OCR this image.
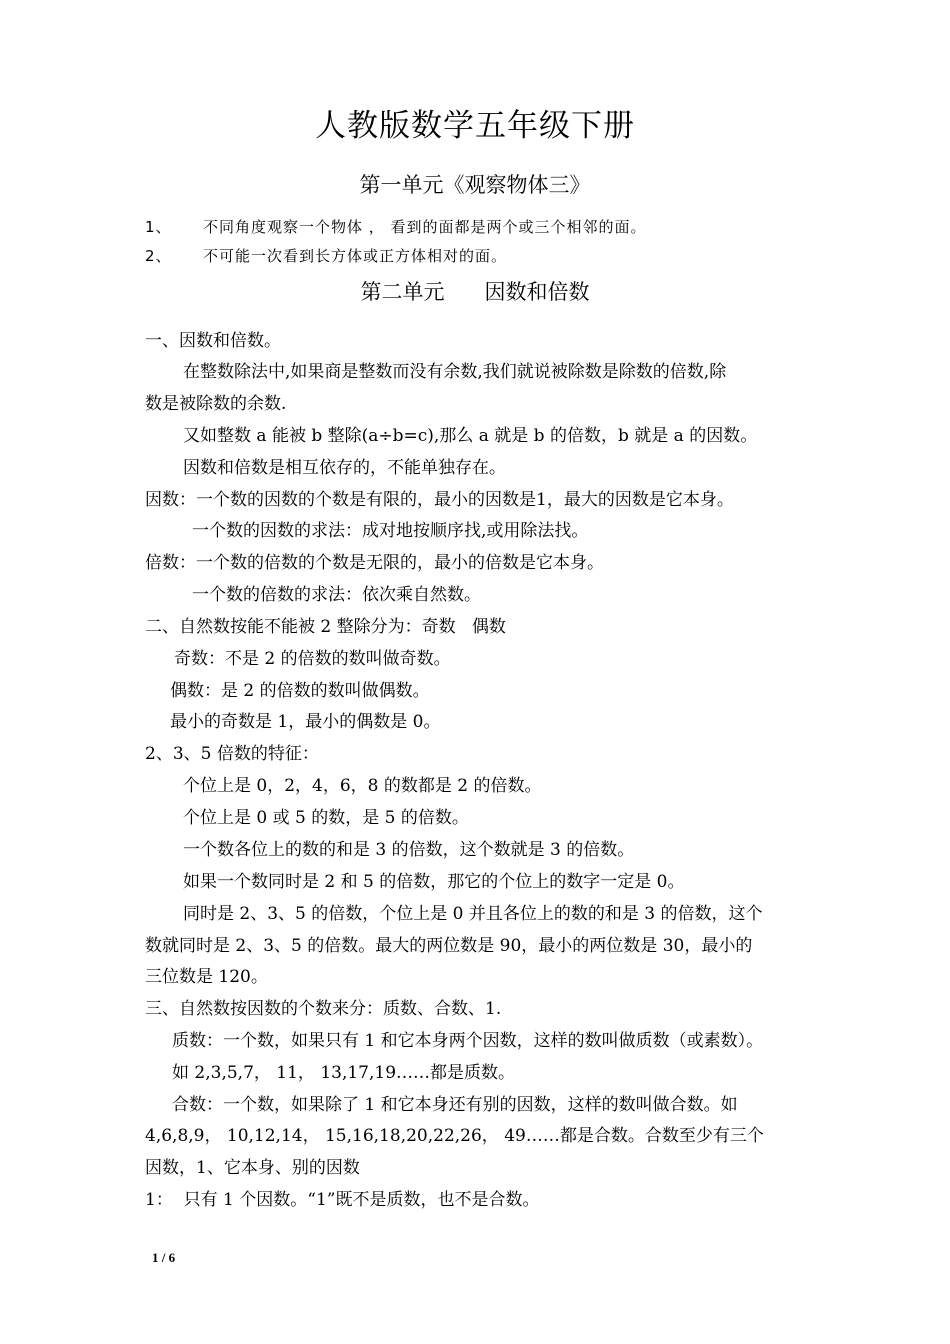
人教版数学五年级下册
第一单元《观察物体三》
1、 不同角度观察一个物体 ， 看到的面都是两个或三个相邻的面。
2、 不可能一次看到长方体或正方体相对的面。
第二单元      因数和倍数
一、因数和倍数。
在整数除法中,如果商是整数而没有余数,我们就说被除数是除数的倍数,除
数是被除数的余数.
又如整数 a 能被 b 整除(a÷b=c),那么 a 就是 b 的倍数，b 就是 a 的因数。
因数和倍数是相互依存的，不能单独存在。
因数：一个数的因数的个数是有限的，最小的因数是1，最大的因数是它本身。
一个数的因数的求法：成对地按顺序找,或用除法找。
倍数：一个数的倍数的个数是无限的，最小的倍数是它本身。
一个数的倍数的求法：依次乘自然数。
二、自然数按能不能被 2 整除分为：奇数   偶数
奇数：不是 2 的倍数的数叫做奇数。
偶数：是 2 的倍数的数叫做偶数。
最小的奇数是 1，最小的偶数是 0。
2、3、5 倍数的特征：
个位上是 0，2，4，6，8 的数都是 2 的倍数。
个位上是 0 或 5 的数，是 5 的倍数。
一个数各位上的数的和是 3 的倍数，这个数就是 3 的倍数。
如果一个数同时是 2 和 5 的倍数，那它的个位上的数字一定是 0。
同时是 2、3、5 的倍数，个位上是 0 并且各位上的数的和是 3 的倍数，这个
数就同时是 2、3、5 的倍数。最大的两位数是 90，最小的两位数是 30，最小的
三位数是 120。
三、自然数按因数的个数来分：质数、合数、1.
质数：一个数，如果只有 1 和它本身两个因数，这样的数叫做质数（或素数）。
如 2,3,5,7， 11， 13,17,19……都是质数。
合数：一个数，如果除了 1 和它本身还有别的因数，这样的数叫做合数。如
4,6,8,9， 10,12,14， 15,16,18,20,22,26， 49……都是合数。合数至少有三个
因数，1、它本身、别的因数
1：  只有 1 个因数。“1”既不是质数，也不是合数。
1 / 6
